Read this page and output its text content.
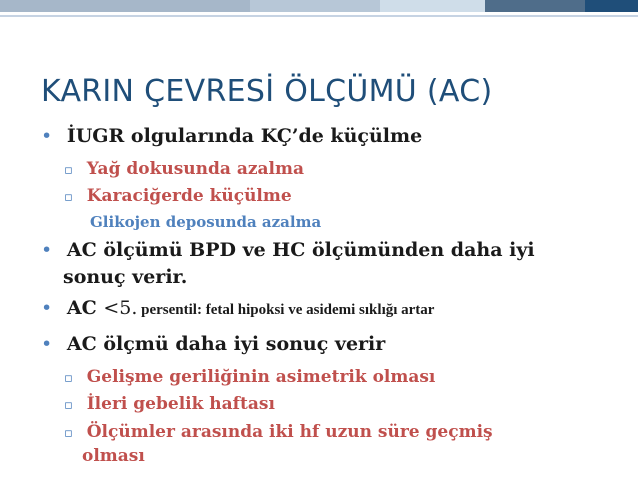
KARIN ÇEVRESİ ÖLÇÜMÜ (AC)
• İUGR olgularında KÇ’de küçülme
▫ Yağ dokusunda azalma
▫ Karaciğerde küçülme
Glikojen deposunda azalma
• AC ölçümü BPD ve HC ölçümünden daha iyi
sonuç verir.
• AC <5. persentil: fetal hipoksi ve asidemi sıklığı artar
• AC ölçmü daha iyi sonuç verir
▫ Gelişme geriliğinin asimetrik olması
▫ İleri gebelik haftası
▫ Ölçümler arasında iki hf uzun süre geçmiş
olması
